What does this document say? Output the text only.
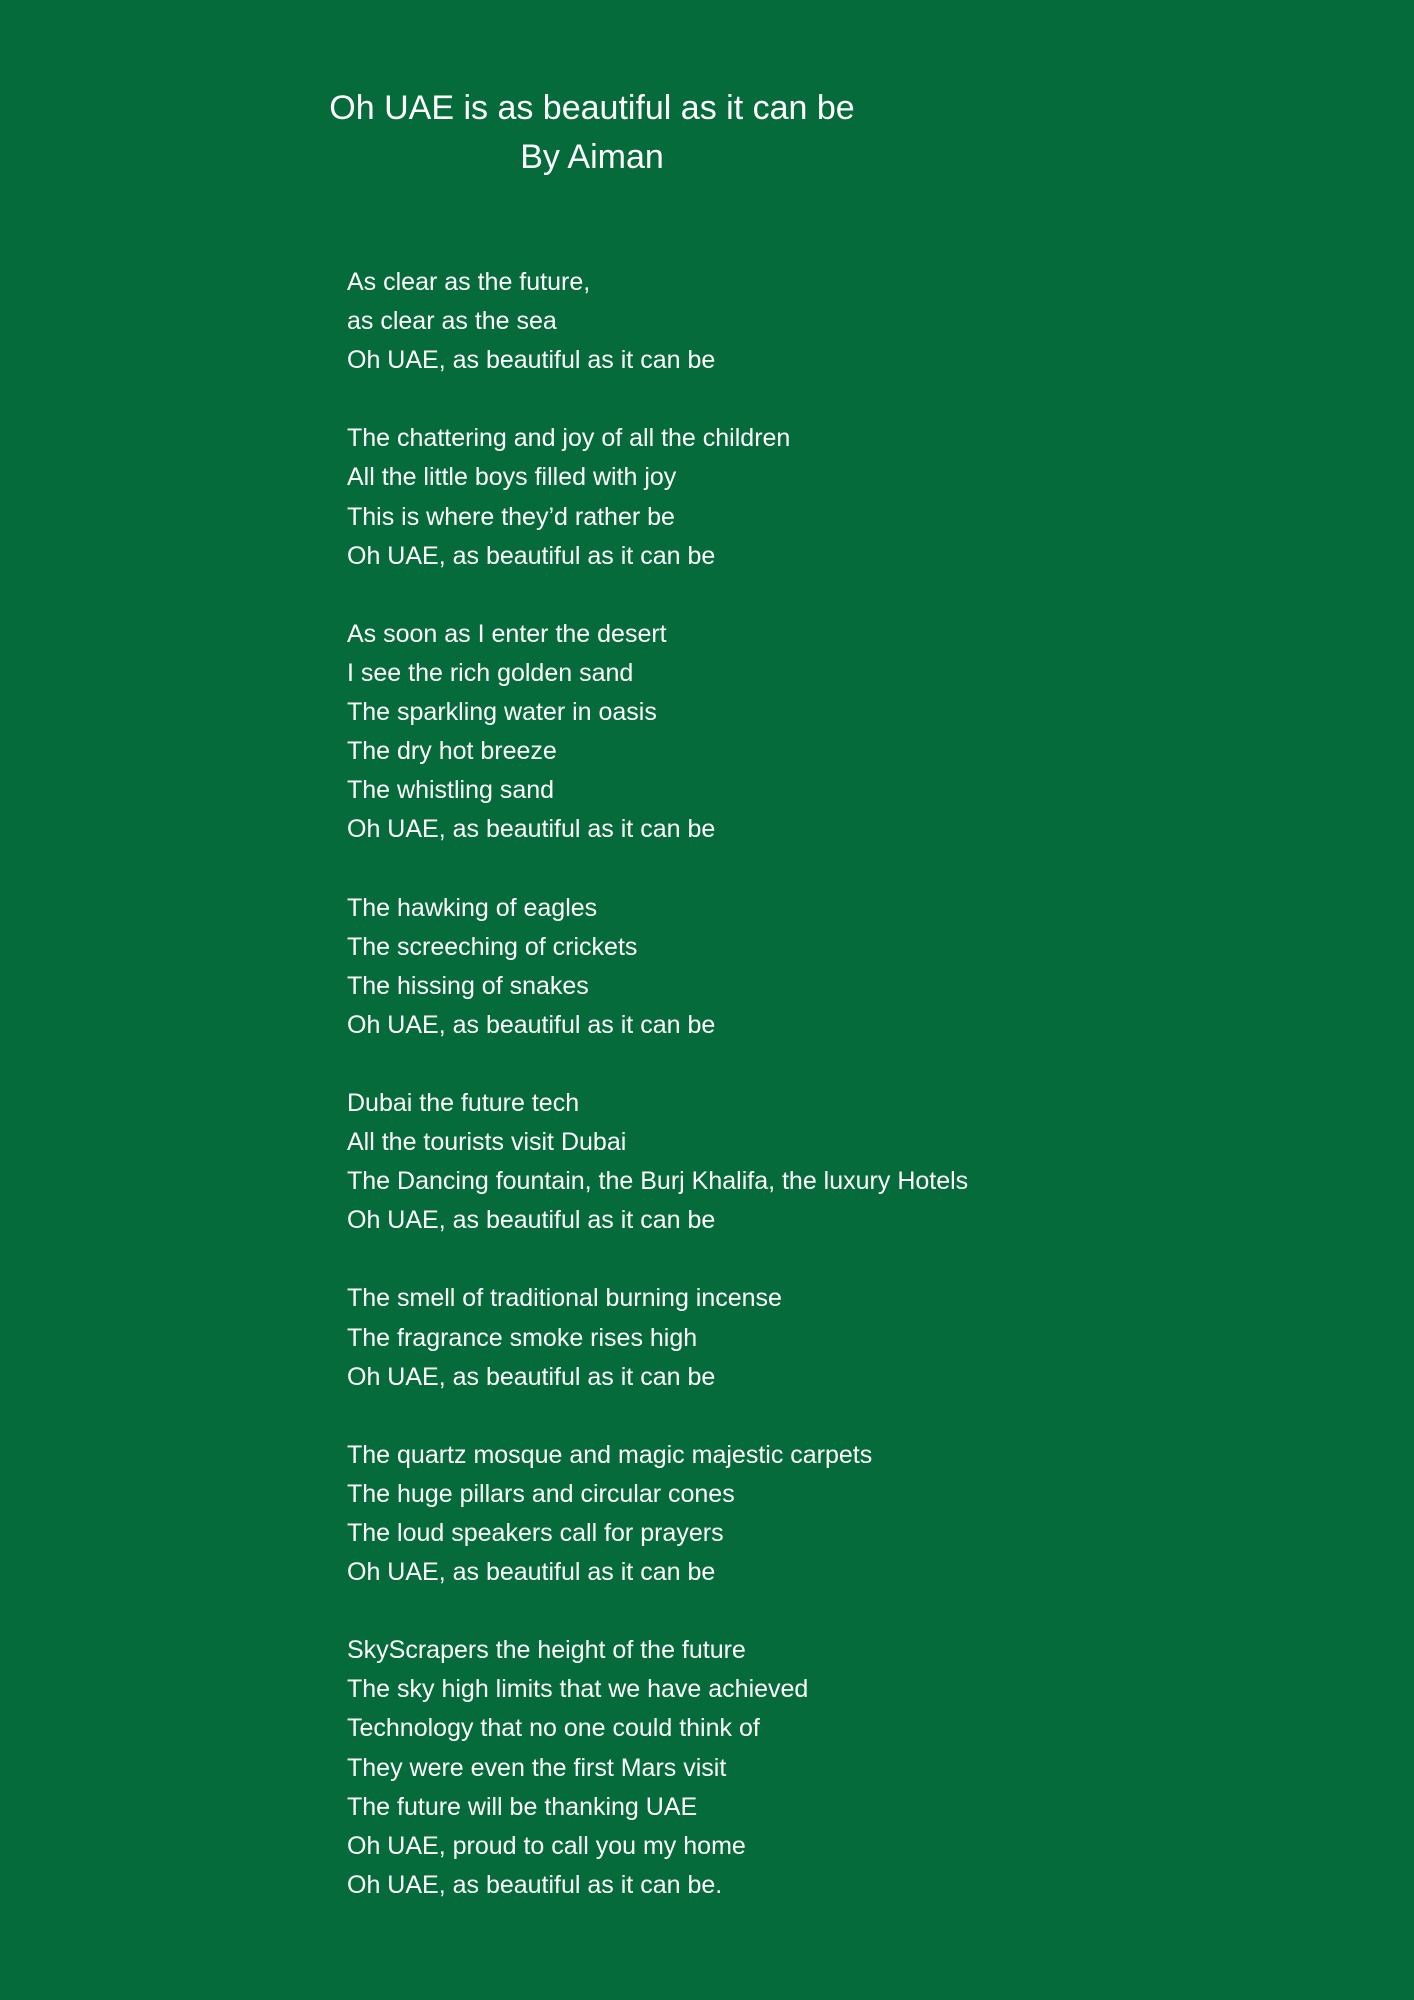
Oh UAE is as beautiful as it can be
By Aiman
As clear as the future,
as clear as the sea
Oh UAE, as beautiful as it can be
The chattering and joy of all the children
All the little boys filled with joy
This is where they’d rather be
Oh UAE, as beautiful as it can be
As soon as I enter the desert
I see the rich golden sand
The sparkling water in oasis
The dry hot breeze
The whistling sand
Oh UAE, as beautiful as it can be
The hawking of eagles
The screeching of crickets
The hissing of snakes
Oh UAE, as beautiful as it can be
Dubai the future tech
All the tourists visit Dubai
The Dancing fountain, the Burj Khalifa, the luxury Hotels
Oh UAE, as beautiful as it can be
The smell of traditional burning incense
The fragrance smoke rises high
Oh UAE, as beautiful as it can be
The quartz mosque and magic majestic carpets
The huge pillars and circular cones
The loud speakers call for prayers
Oh UAE, as beautiful as it can be
SkyScrapers the height of the future
The sky high limits that we have achieved
Technology that no one could think of
They were even the first Mars visit
The future will be thanking UAE
Oh UAE, proud to call you my home
Oh UAE, as beautiful as it can be.
